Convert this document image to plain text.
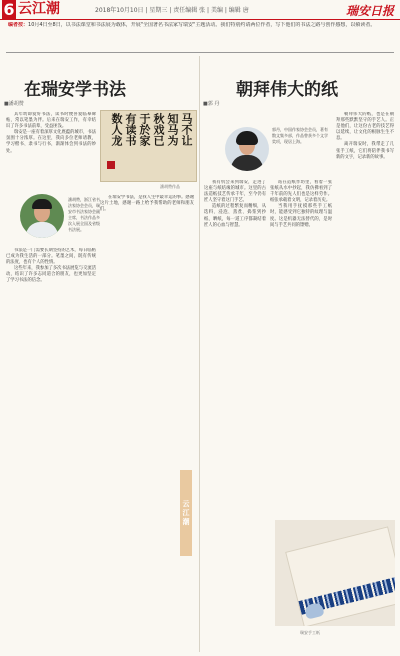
6 云江潮	2018年10月10日 | 星期三 | 责任编辑 张 | 美编 | 编辑 唐	瑞安日报
编者按：10月4日至8日，以书法课堂和书法展为载体，开展"全国著名书法家写瑞安"主题活动。我们特别约请两位作者，写下他们的书法之路与创作感想，以飨读者。
■潘胡赞
在瑞安学书法
马不让
知马为
秋戏已
于於家
有读书
数人龙
潘胡赞作品
潘胡赞，浙江省书法家协会会员，瑞安市书法家协会副主席，书法作品多次入展全国及省级书法展。

其年幼即爱好书法，读书时便喜爱临摹碑帖，常以笔墨为伴。后来在瑞安工作，有幸结识了许多书法前辈，受益匪浅。

瑞安是一座有着深厚文化底蕴的城市，书法氛围十分浓厚。在这里，我向多位老师请教，学习楷书、隶书与行书，渐渐体会到书法的妙处。

书法是一门需要长期坚持的艺术，每日临帖已成为我生活的一部分。笔墨之间，既有传统的法度，也有个人的性情。

这些年来，我参加了多次书法展览与交流活动，结识了许多志同道合的朋友，也更加坚定了学习书法的信念。

在瑞安学书法，是我人生中最幸运的事。感谢这片土地，感谢一路上给予我帮助的老师和朋友们。

云江潮
■郭 丹
朝拜伟大的纸
郭丹，中国作家协会会员，著有散文集多部，作品曾获多个文学奖项，现居上海。

我有机会来到瑞安，走进了这座与纸结缘的城市。这里的古法造纸技艺传承千年，至今仍有匠人坚守着这门手艺。

造纸的过程繁复而精细，从选料、浸泡、蒸煮、捣浆到抄纸、晒纸，每一道工序都凝结着匠人的心血与智慧。

站在造纸作坊里，看着一张张纸从水中抄起，我仿佛看到了千年前的先人们也是这样劳作。纸张承载着文明，记录着历史。

当我用手抚摸那些手工纸时，能感受到它独特的纹理与温度。这是机器无法替代的，是时间与手艺共同的馈赠。

朝拜伟大的纸，也是在朝拜那些默默坚守的手艺人。正是他们，让这份古老的技艺得以延续，让文化的根脉生生不息。

离开瑞安时，我带走了几张手工纸，它们将陪伴我书写新的文字，记录新的故事。

瑞安手工纸
